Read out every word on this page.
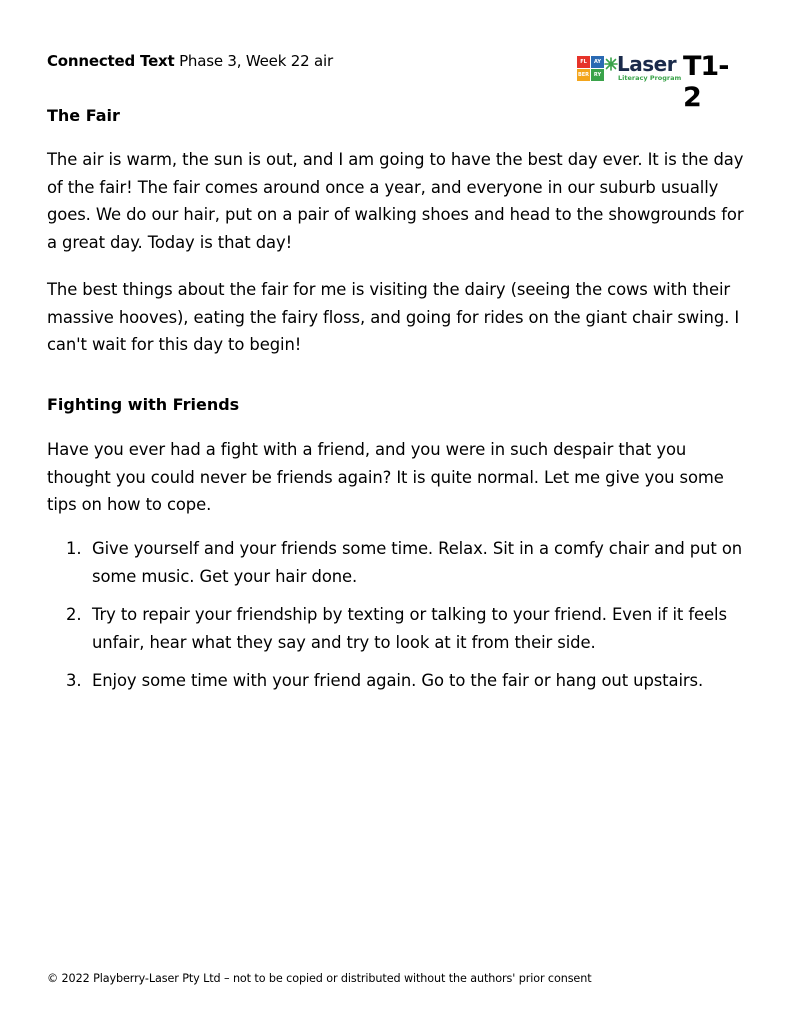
Connected Text Phase 3, Week 22 air	FL	AY
BER RY Laser
Literacy Program T1-2
The Fair
The air is warm, the sun is out, and I am going to have the best day ever. It is the day of the fair! The fair comes around once a year, and everyone in our suburb usually goes. We do our hair, put on a pair of walking shoes and head to the showgrounds for a great day. Today is that day!
The best things about the fair for me is visiting the dairy (seeing the cows with their massive hooves), eating the fairy floss, and going for rides on the giant chair swing. I can't wait for this day to begin!
Fighting with Friends
Have you ever had a fight with a friend, and you were in such despair that you thought you could never be friends again? It is quite normal. Let me give you some tips on how to cope.
1. Give yourself and your friends some time. Relax. Sit in a comfy chair and put on some music. Get your hair done.
2. Try to repair your friendship by texting or talking to your friend. Even if it feels unfair, hear what they say and try to look at it from their side.
3. Enjoy some time with your friend again. Go to the fair or hang out upstairs.
© 2022 Playberry-Laser Pty Ltd – not to be copied or distributed without the authors' prior consent
